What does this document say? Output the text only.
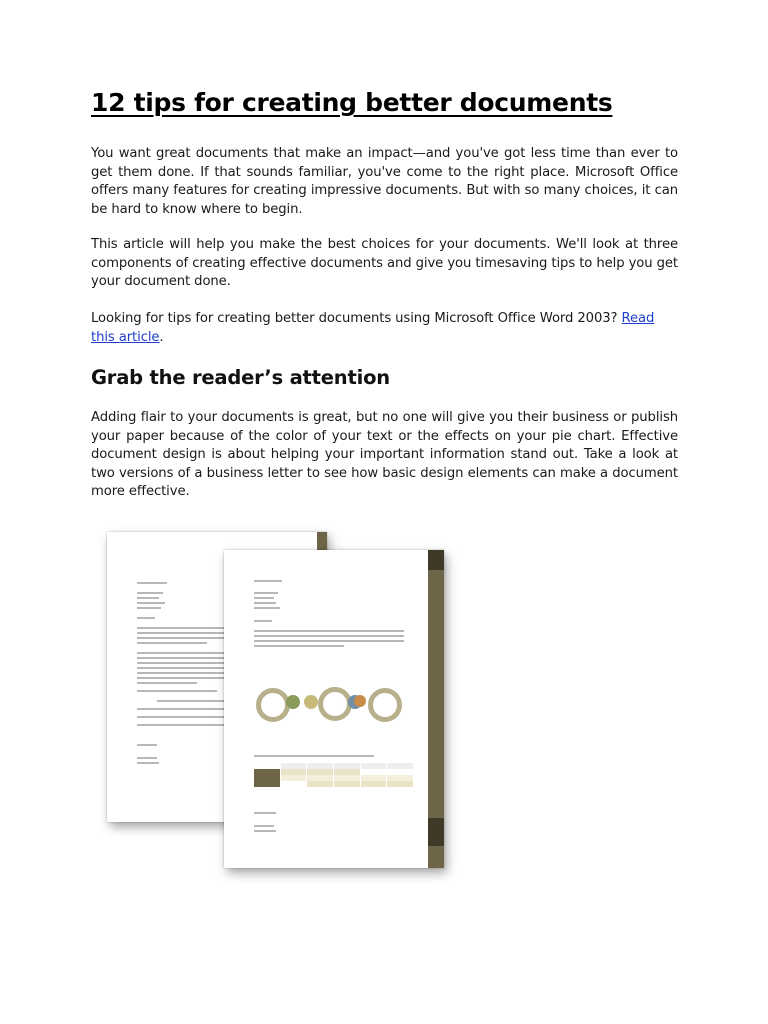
12 tips for creating better documents

You want great documents that make an impact—and you've got less time than ever to get them done. If that sounds familiar, you've come to the right place. Microsoft Office offers many features for creating impressive documents. But with so many choices, it can be hard to know where to begin.

This article will help you make the best choices for your documents. We'll look at three components of creating effective documents and give you timesaving tips to help you get your document done.

Looking for tips for creating better documents using Microsoft Office Word 2003? Read this article.

Grab the reader’s attention

Adding flair to your documents is great, but no one will give you their business or publish your paper because of the color of your text or the effects on your pie chart. Effective document design is about helping your important information stand out. Take a look at two versions of a business letter to see how basic design elements can make a document more effective.
